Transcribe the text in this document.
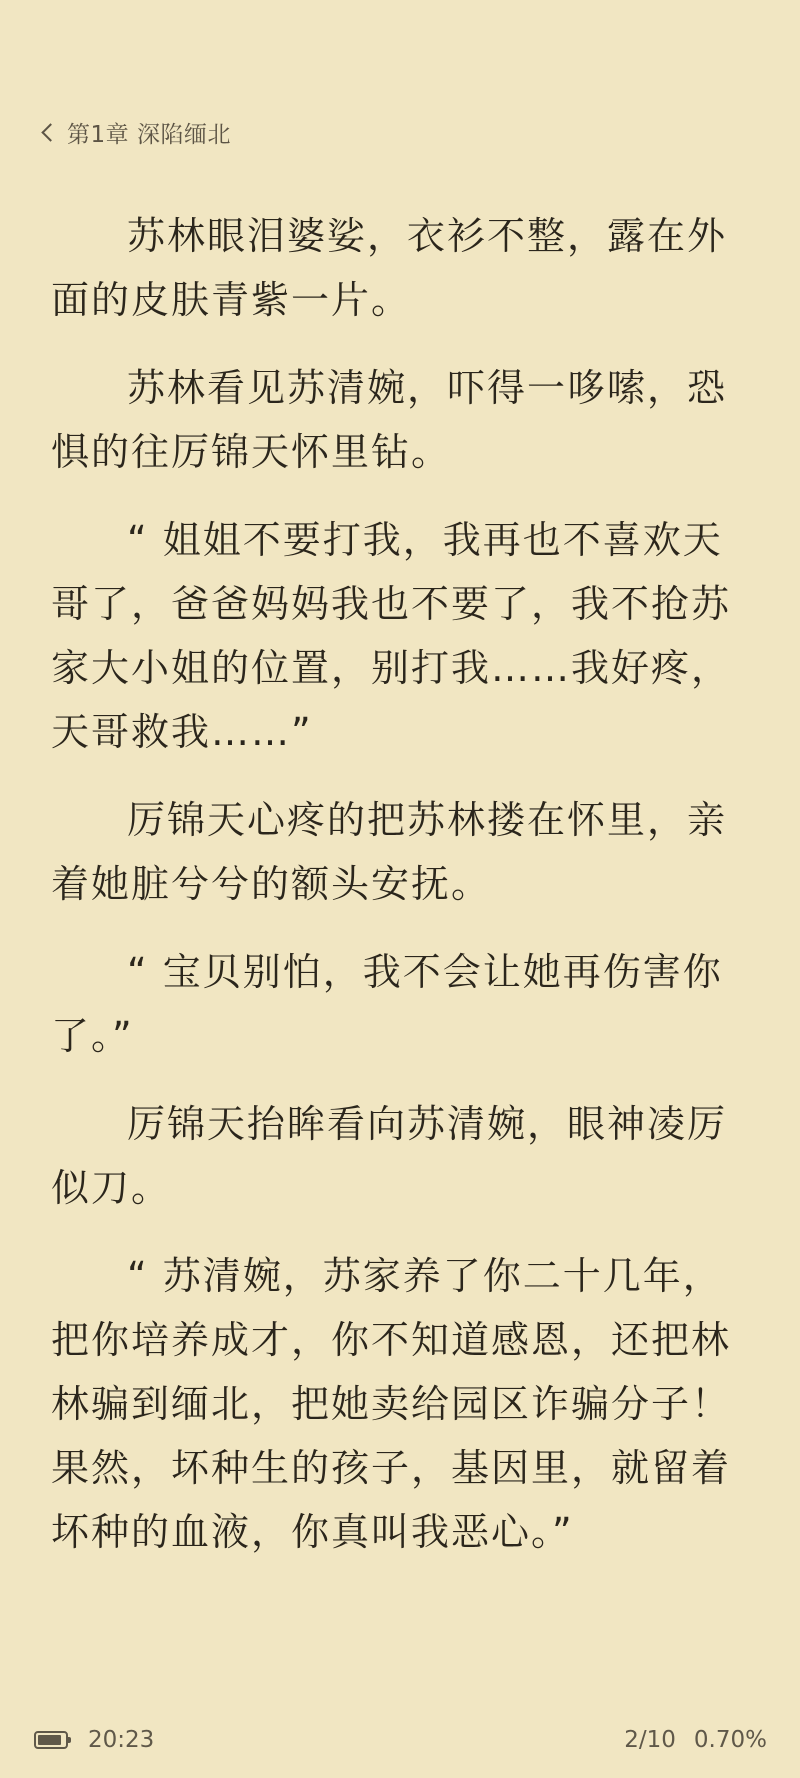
第1章 深陷缅北

苏林眼泪婆娑，衣衫不整，露在外面的皮肤青紫一片。

苏林看见苏清婉，吓得一哆嗦，恐惧的往厉锦天怀里钻。

“ 姐姐不要打我，我再也不喜欢天哥了，爸爸妈妈我也不要了，我不抢苏家大小姐的位置，别打我……我好疼，天哥救我……”

厉锦天心疼的把苏林搂在怀里，亲着她脏兮兮的额头安抚。

“ 宝贝别怕，我不会让她再伤害你了。”

厉锦天抬眸看向苏清婉，眼神凌厉似刀。

“ 苏清婉，苏家养了你二十几年，把你培养成才，你不知道感恩，还把林林骗到缅北，把她卖给园区诈骗分子！果然，坏种生的孩子，基因里，就留着坏种的血液，你真叫我恶心。”

20:23	2/10 0.70%
